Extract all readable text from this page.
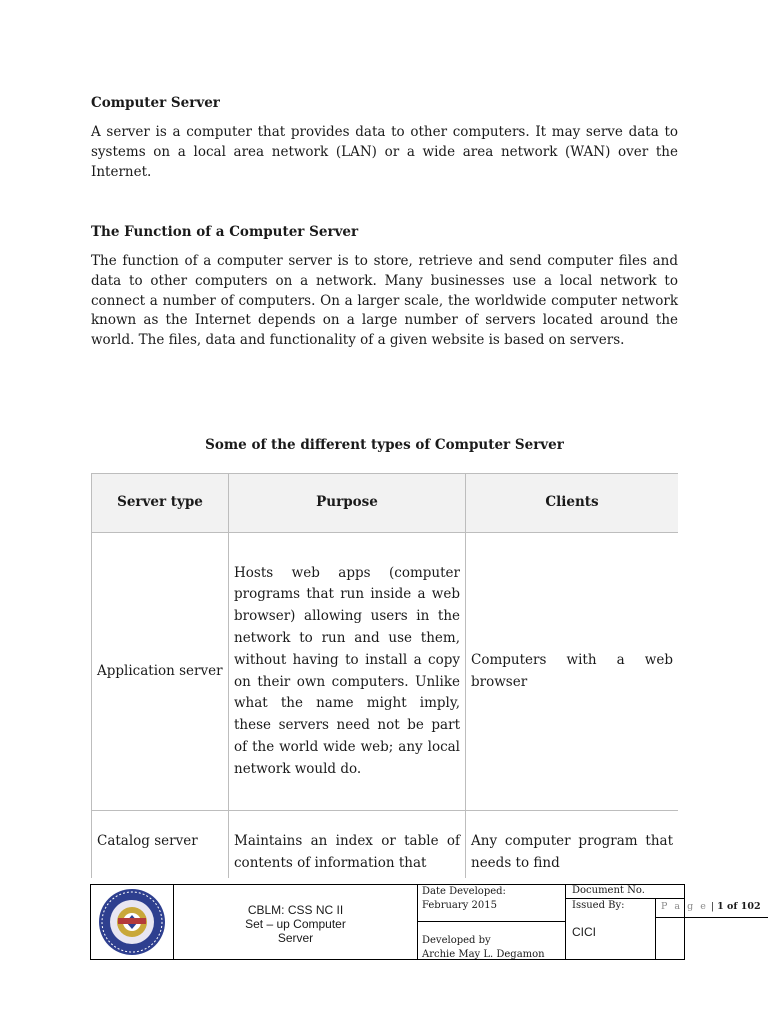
Computer Server

A server is a computer that provides data to other computers. It may serve data to systems on a local area network (LAN) or a wide area network (WAN) over the Internet.

The Function of a Computer Server

The function of a computer server is to store, retrieve and send computer files and data to other computers on a network. Many businesses use a local network to connect a number of computers. On a larger scale, the worldwide computer network known as the Internet depends on a large number of servers located around the world. The files, data and functionality of a given website is based on servers.

Some of the different types of Computer Server

Server type	Purpose	Clients
Application server	Hosts web apps (computer programs that run inside a web browser) allowing users in the network to run and use them, without having to install a copy on their own computers. Unlike what the name might imply, these servers need not be part of the world wide web; any local network would do.	Computers with a web browser
Catalog server	Maintains an index or table of contents of information that	Any computer program that needs to find
CBLM: CSS NC II
Set – up Computer
Server
Date Developed:
February 2015
Developed by
Archie May L. Degamon
Document No.
Issued By:	P a g e | 1 of 102
CICI
